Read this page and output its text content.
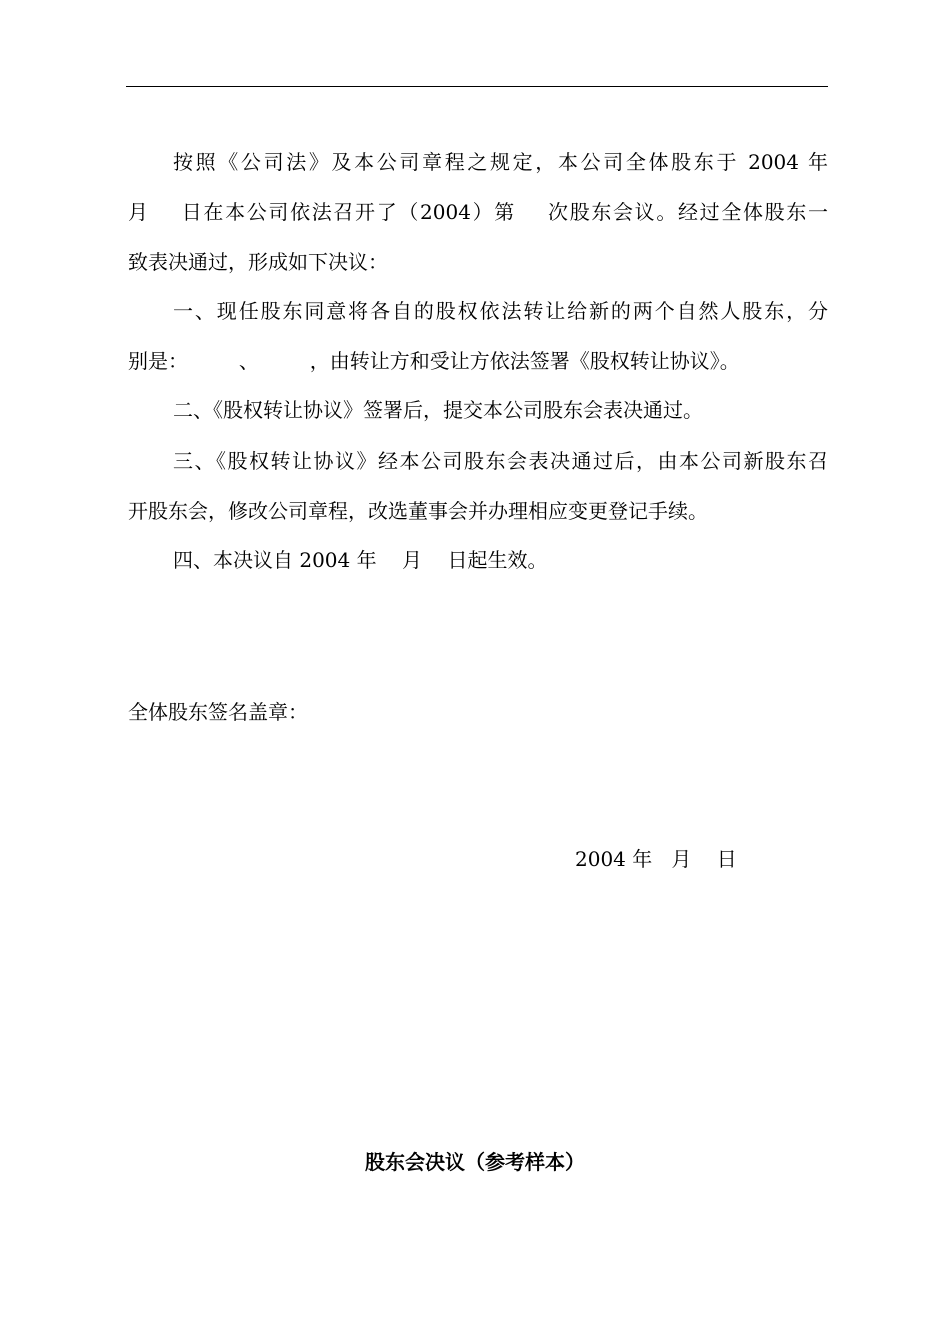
按照《公司法》及本公司章程之规定，本公司全体股东于 2004 年
月    日在本公司依法召开了（2004）第    次股东会议。经过全体股东一
致表决通过，形成如下决议：
一、现任股东同意将各自的股权依法转让给新的两个自然人股东，分
别是：        、        ，由转让方和受让方依法签署《股权转让协议》。
二、《股权转让协议》签署后，提交本公司股东会表决通过。
三、《股权转让协议》经本公司股东会表决通过后，由本公司新股东召
开股东会，修改公司章程，改选董事会并办理相应变更登记手续。
四、本决议自 2004 年    月    日起生效。
全体股东签名盖章：
2004 年   月    日
股东会决议（参考样本）
